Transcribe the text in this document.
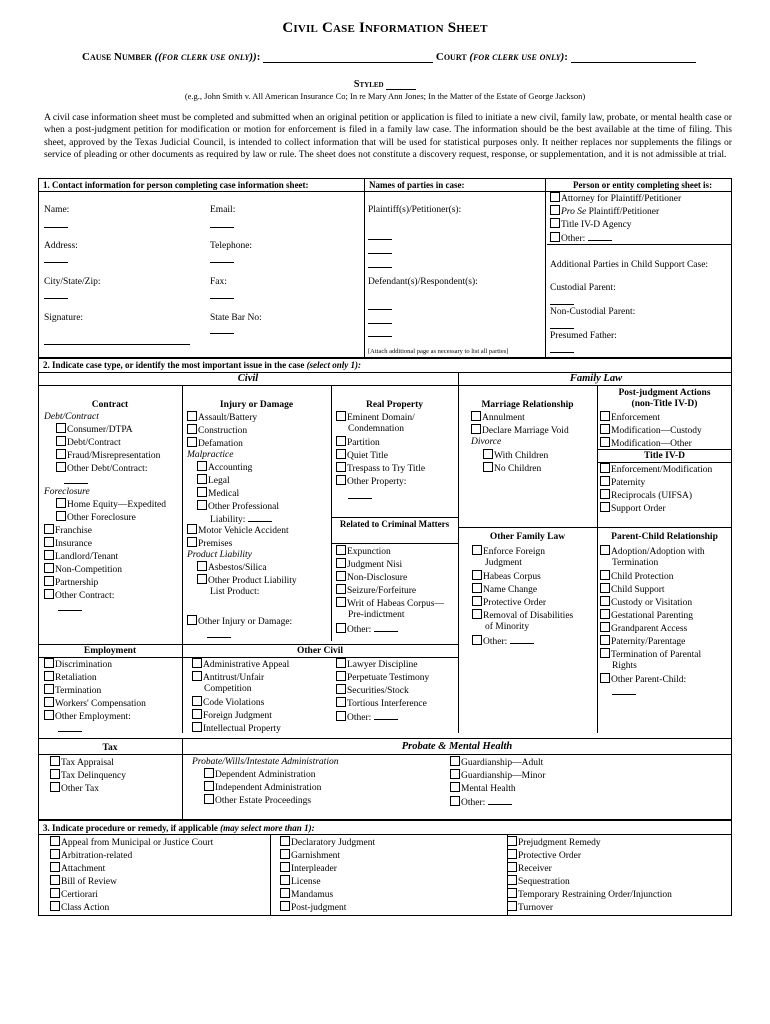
Civil Case Information Sheet
Cause Number ((for clerk use only)):	Court (for clerk use only):
Styled
(e.g., John Smith v. All American Insurance Co; In re Mary Ann Jones; In the Matter of the Estate of George Jackson)
A civil case information sheet must be completed and submitted when an original petition or application is filed to initiate a new civil, family law, probate, or mental health case or when a post-judgment petition for modification or motion for enforcement is filed in a family law case. The information should be the best available at the time of filing. This sheet, approved by the Texas Judicial Council, is intended to collect information that will be used for statistical purposes only. It neither replaces nor supplements the filings or service of pleading or other documents as required by law or rule. The sheet does not constitute a discovery request, response, or supplementation, and it is not admissible at trial.
1. Contact information for person completing case information sheet:	Names of parties in case:	Person or entity completing sheet is:
Name:	Email:
Address:	Telephone:
City/State/Zip:	Fax:
Signature:	State Bar No:
Plaintiff(s)/Petitioner(s):
Defendant(s)/Respondent(s):
[Attach additional page as necessary to list all parties]
Attorney for Plaintiff/Petitioner
Pro Se Plaintiff/Petitioner
Title IV-D Agency
Other:
Additional Parties in Child Support Case:
Custodial Parent:
Non-Custodial Parent:
Presumed Father:
2. Indicate case type, or identify the most important issue in the case (select only 1):
Civil	Family Law
Contract
Debt/Contract
Consumer/DTPA
Debt/Contract
Fraud/Misrepresentation
Other Debt/Contract:
Foreclosure
Home Equity—Expedited
Other Foreclosure
Franchise
Insurance
Landlord/Tenant
Non-Competition
Partnership
Other Contract:
Injury or Damage
Assault/Battery
Construction
Defamation
Malpractice
Accounting
Legal
Medical
Other Professional
Liability:
Motor Vehicle Accident
Premises
Product Liability
Asbestos/Silica
Other Product Liability
List Product:
Other Injury or Damage:
Real Property
Eminent Domain/
Condemnation
Partition
Quiet Title
Trespass to Try Title
Other Property:
Related to Criminal Matters
Expunction
Judgment Nisi
Non-Disclosure
Seizure/Forfeiture
Writ of Habeas Corpus—
Pre-indictment
Other:
Marriage Relationship
Annulment
Declare Marriage Void
Divorce
With Children
No Children
Other Family Law
Enforce Foreign
Judgment
Habeas Corpus
Name Change
Protective Order
Removal of Disabilities
of Minority
Other:
Post-judgment Actions
(non-Title IV-D)
Enforcement
Modification—Custody
Modification—Other
Title IV-D
Enforcement/Modification
Paternity
Reciprocals (UIFSA)
Support Order
Parent-Child Relationship
Adoption/Adoption with
Termination
Child Protection
Child Support
Custody or Visitation
Gestational Parenting
Grandparent Access
Paternity/Parentage
Termination of Parental
Rights
Other Parent-Child:
Employment	Other Civil
Discrimination
Retaliation
Termination
Workers' Compensation
Other Employment:
Administrative Appeal
Antitrust/Unfair
Competition
Code Violations
Foreign Judgment
Intellectual Property
Lawyer Discipline
Perpetuate Testimony
Securities/Stock
Tortious Interference
Other:
Tax	Probate & Mental Health
Tax Appraisal
Tax Delinquency
Other Tax
Probate/Wills/Intestate Administration
Dependent Administration
Independent Administration
Other Estate Proceedings
Guardianship—Adult
Guardianship—Minor
Mental Health
Other:
3. Indicate procedure or remedy, if applicable (may select more than 1):
Appeal from Municipal or Justice Court
Arbitration-related
Attachment
Bill of Review
Certiorari
Class Action
Declaratory Judgment
Garnishment
Interpleader
License
Mandamus
Post-judgment
Prejudgment Remedy
Protective Order
Receiver
Sequestration
Temporary Restraining Order/Injunction
Turnover
